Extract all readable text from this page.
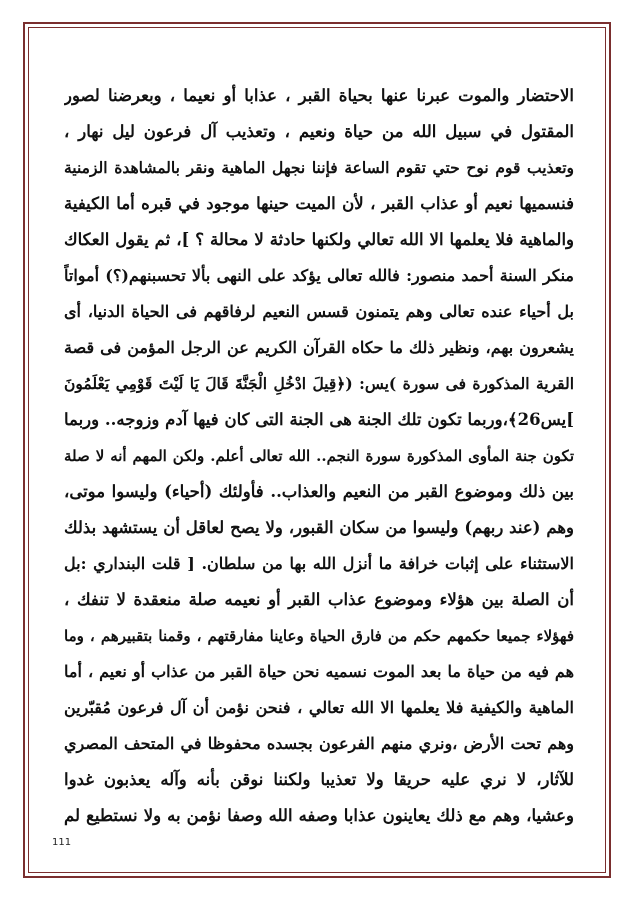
الاحتضار والموت عبرنا عنها بحياة القبر ، عذابا أو نعيما ، وبعرضنا لصور
المقتول في سبيل الله من حياة ونعيم ، وتعذيب آل فرعون ليل نهار ،
وتعذيب قوم نوح حتي تقوم الساعة فإننا نجهل الماهية ونقر بالمشاهدة الزمنية
فنسميها نعيم أو عذاب القبر ، لأن الميت حينها موجود في قبره أما الكيفية
والماهية فلا يعلمها الا الله تعالي ولكنها حادثة لا محالة ؟ ]، ثم يقول العكاك
منكر السنة أحمد منصور: فالله تعالى يؤكد على النهى بألا تحسبنهم(؟) أمواتاً
بل أحياء عنده تعالى وهم يتمنون قسس النعيم لرفاقهم فى الحياة الدنيا، أى
يشعرون بهم، ونظير ذلك ما حكاه القرآن الكريم عن الرجل المؤمن فى قصة
القرية المذكورة فى سورة )يس: (﴿قِيلَ ادْخُلِ الْجَنَّةَ قَالَ يَا لَيْتَ قَوْمِي يَعْلَمُونَ
]يس26﴾،وربما تكون تلك الجنة هى الجنة التى كان فيها آدم وزوجه.. وربما
تكون جنة المأوى المذكورة سورة النجم.. الله تعالى أعلم. ولكن المهم أنه لا صلة
بين ذلك وموضوع القبر من النعيم والعذاب.. فأولئك (أحياء) وليسوا موتى،
وهم (عند ربهم) وليسوا من سكان القبور، ولا يصح لعاقل أن يستشهد بذلك
الاستثناء على إثبات خرافة ما أنزل الله بها من سلطان. [ قلت البنداري :بل
أن الصلة بين هؤلاء وموضوع عذاب القبر أو نعيمه صلة منعقدة لا تنفك ،
فهؤلاء جميعا حكمهم حكم من فارق الحياة وعاينا مفارقتهم ، وقمنا بتقبيرهم ، وما
هم فيه من حياة ما بعد الموت نسميه نحن حياة القبر من عذاب أو نعيم ، أما
الماهية والكيفية فلا يعلمها الا الله تعالي ، فنحن نؤمن أن آل فرعون مُقبّرين
وهم تحت الأرض ،ونري منهم الفرعون بجسده محفوظا في المتحف المصري
للآثار، لا نري عليه حريقا ولا تعذيبا ولكننا نوقن بأنه وآله يعذبون غدوا
وعشيا، وهم مع ذلك يعاينون عذابا وصفه الله وصفا نؤمن به ولا نستطيع لم
111
